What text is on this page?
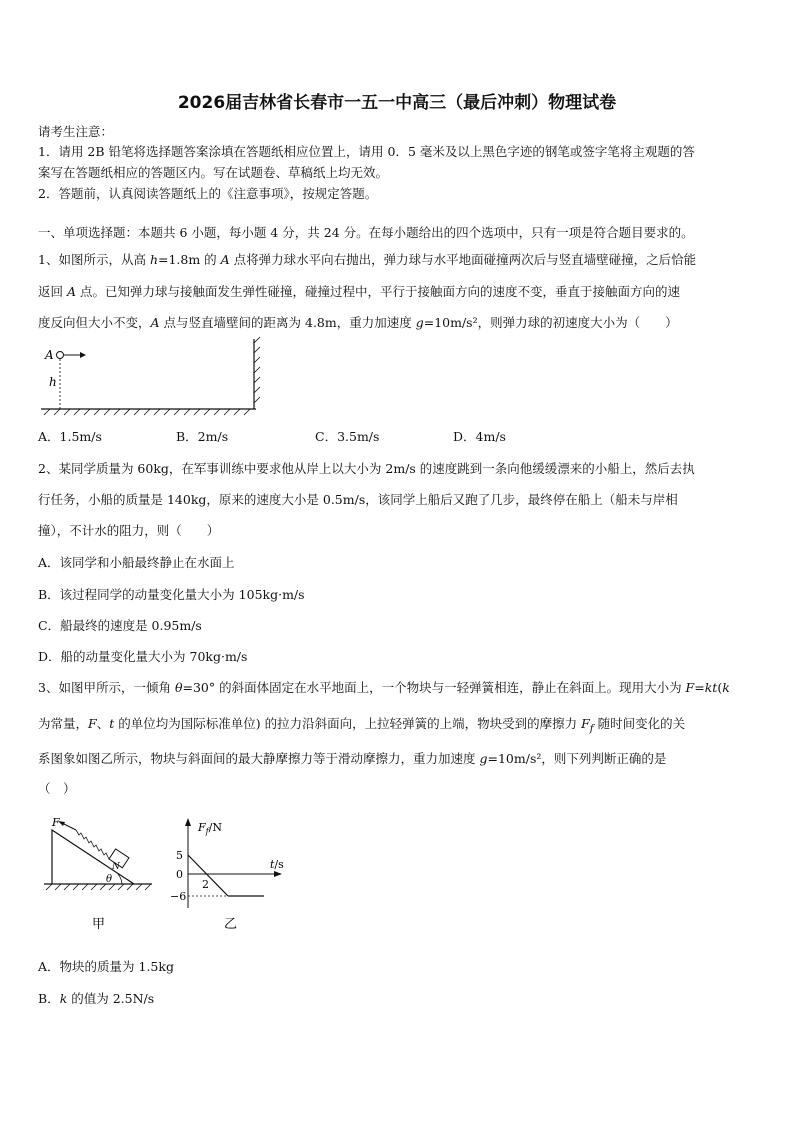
2026届吉林省长春市一五一中高三（最后冲刺）物理试卷
请考生注意：
1．请用 2B 铅笔将选择题答案涂填在答题纸相应位置上，请用 0．5 毫米及以上黑色字迹的钢笔或签字笔将主观题的答
案写在答题纸相应的答题区内。写在试题卷、草稿纸上均无效。
2．答题前，认真阅读答题纸上的《注意事项》，按规定答题。
一、单项选择题：本题共 6 小题，每小题 4 分，共 24 分。在每小题给出的四个选项中，只有一项是符合题目要求的。
1、如图所示，从高 h=1.8m 的 A 点将弹力球水平向右抛出，弹力球与水平地面碰撞两次后与竖直墙壁碰撞，之后恰能
返回 A 点。已知弹力球与接触面发生弹性碰撞，碰撞过程中，平行于接触面方向的速度不变，垂直于接触面方向的速
度反向但大小不变，A 点与竖直墙壁间的距离为 4.8m，重力加速度 g=10m/s²，则弹力球的初速度大小为（　　）
A
h
A．1.5m/s	B．2m/s	C．3.5m/s	D．4m/s
2、某同学质量为 60kg，在军事训练中要求他从岸上以大小为 2m/s 的速度跳到一条向他缓缓漂来的小船上，然后去执
行任务，小船的质量是 140kg，原来的速度大小是 0.5m/s，该同学上船后又跑了几步，最终停在船上（船未与岸相
撞），不计水的阻力，则（　　）
A．该同学和小船最终静止在水面上
B．该过程同学的动量变化量大小为 105kg·m/s
C．船最终的速度是 0.95m/s
D．船的动量变化量大小为 70kg·m/s
3、如图甲所示，一倾角 θ=30° 的斜面体固定在水平地面上，一个物块与一轻弹簧相连，静止在斜面上。现用大小为 F=kt(k
为常量，F、t 的单位均为国际标准单位) 的拉力沿斜面向，上拉轻弹簧的上端，物块受到的摩擦力 $F_f$ 随时间变化的关
系图象如图乙所示，物块与斜面间的最大静摩擦力等于滑动摩擦力，重力加速度 g=10m/s²，则下列判断正确的是
（　）
N
F
θ
甲
$F_f/N$
t/s
5
0
2
−6
乙
A．物块的质量为 1.5kg
B．k 的值为 2.5N/s
